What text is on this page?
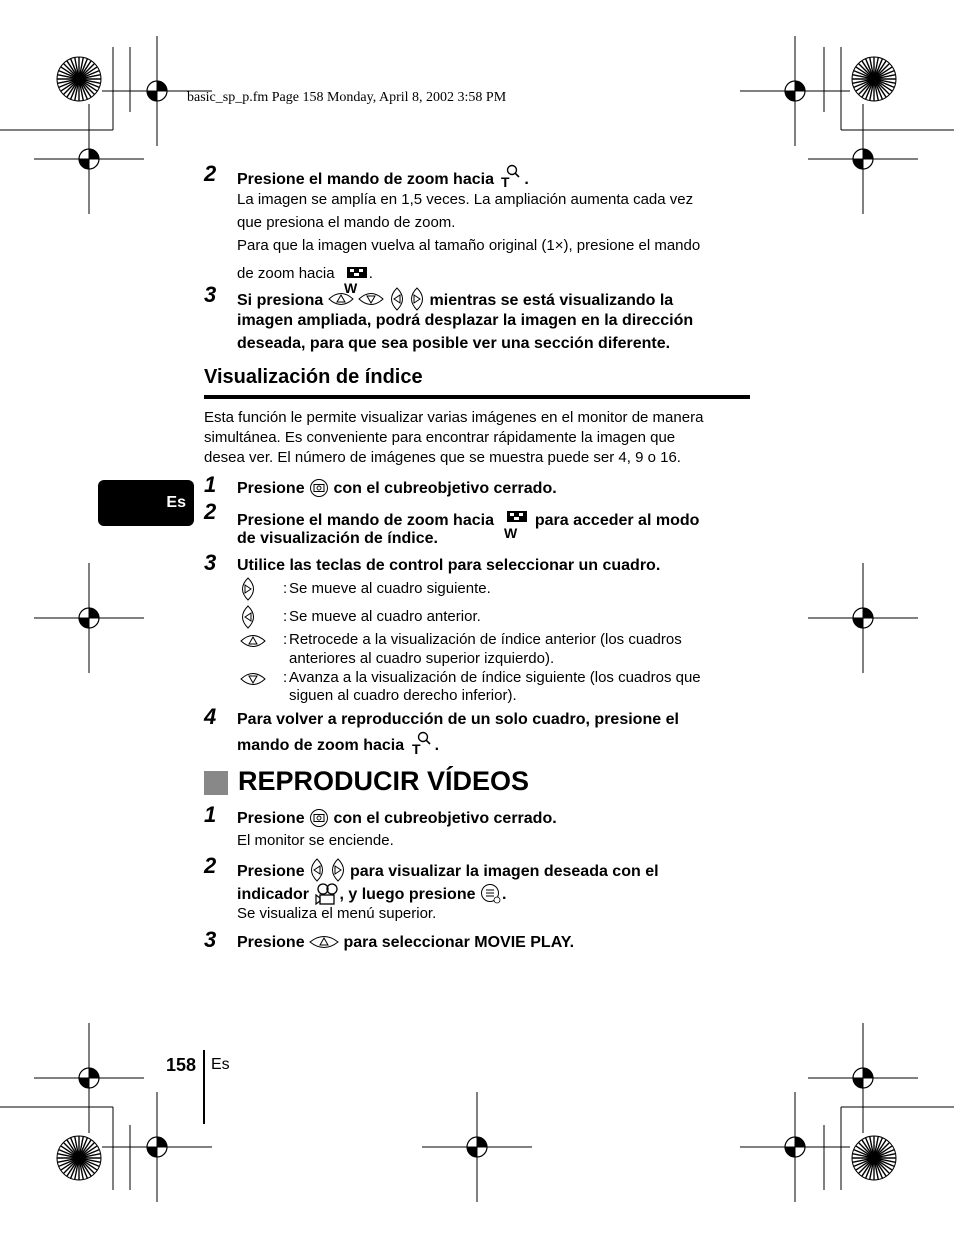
basic_sp_p.fm Page 158 Monday, April 8, 2002 3:58 PM
2 Presione el mando de zoom hacia T .
La imagen se amplía en 1,5 veces. La ampliación aumenta cada vez
que presiona el mando de zoom.
Para que la imagen vuelva al tamaño original (1×), presione el mando
de zoom hacia
W
.
3 Si presiona

	mientras se está visualizando la
imagen ampliada, podrá desplazar la imagen en la dirección
deseada, para que sea posible ver una sección diferente.
Visualización de índice
Esta función le permite visualizar varias imágenes en el monitor de manera
simultánea. Es conveniente para encontrar rápidamente la imagen que
desea ver. El número de imágenes que se muestra puede ser 4, 9 o 16.
1 Presione con el cubreobjetivo cerrado.
2 Presione el mando de zoom hacia
W
para acceder al modo
de visualización de índice.
3 Utilice las teclas de control para seleccionar un cuadro.
: Se mueve al cuadro siguiente.
: Se mueve al cuadro anterior.
: Retrocede a la visualización de índice anterior (los cuadros
anteriores al cuadro superior izquierdo).
: Avanza a la visualización de índice siguiente (los cuadros que
siguen al cuadro derecho inferior).
4 Para volver a reproducción de un solo cuadro, presione el
mando de zoom hacia T .
REPRODUCIR VÍDEOS
1 Presione con el cubreobjetivo cerrado.
El monitor se enciende.
2 Presione
	para visualizar la imagen deseada con el
indicador , y luego presione .
Se visualiza el menú superior.
3 Presione para seleccionar MOVIE PLAY.
Es
158 Es
